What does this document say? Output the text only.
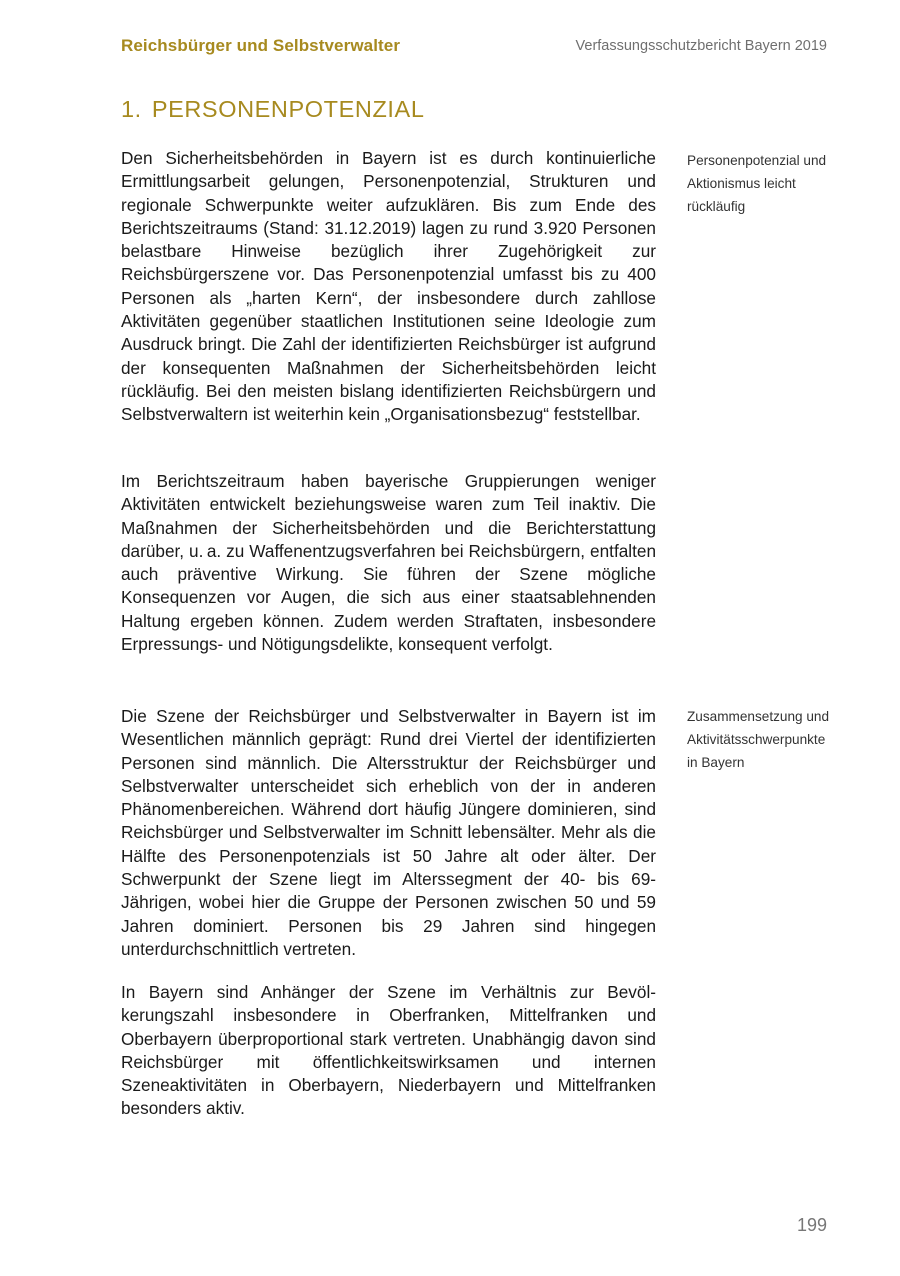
Reichsbürger und Selbstverwalter	Verfassungsschutzbericht Bayern 2019
1. PERSONENPOTENZIAL

Den Sicherheitsbehörden in Bayern ist es durch kontinuierliche Ermittlungsarbeit gelungen, Personenpotenzial, Strukturen und regionale Schwerpunkte weiter aufzuklären. Bis zum Ende des Berichtszeitraums (Stand: 31.12.2019) lagen zu rund 3.920 Personen belastbare Hinweise bezüglich ihrer Zugehörigkeit zur Reichsbürgerszene vor. Das Personenpotenzial umfasst bis zu 400 Personen als „harten Kern“, der insbesondere durch zahllose Aktivitäten gegenüber staatlichen Institutionen seine Ideologie zum Ausdruck bringt. Die Zahl der identifizierten Reichsbürger ist aufgrund der konsequenten Maßnahmen der Sicherheitsbehörden leicht rückläufig. Bei den meisten bislang identifizierten Reichsbürgern und Selbstverwaltern ist weiterhin kein „Organisationsbezug“ feststellbar.

Im Berichtszeitraum haben bayerische Gruppierungen weniger Aktivitäten entwickelt beziehungsweise waren zum Teil inaktiv. Die Maßnahmen der Sicherheitsbehörden und die Berichterstattung darüber, u. a. zu Waffenentzugsverfahren bei Reichsbürgern, entfalten auch präventive Wirkung. Sie führen der Szene mögliche Konsequenzen vor Augen, die sich aus einer staatsablehnenden Haltung ergeben können. Zudem werden Straftaten, insbesondere Erpressungs- und Nötigungsdelikte, konsequent verfolgt.

Die Szene der Reichsbürger und Selbstverwalter in Bayern ist im Wesentlichen männlich geprägt: Rund drei Viertel der identifizierten Personen sind männlich. Die Altersstruktur der Reichsbürger und Selbstverwalter unterscheidet sich erheblich von der in anderen Phänomenbereichen. Während dort häufig Jüngere dominieren, sind Reichsbürger und Selbstverwalter im Schnitt lebensälter. Mehr als die Hälfte des Personenpotenzials ist 50 Jahre alt oder älter. Der Schwerpunkt der Szene liegt im Alterssegment der 40- bis 69-Jährigen, wobei hier die Gruppe der Personen zwischen 50 und 59 Jahren dominiert. Personen bis 29 Jahren sind hingegen unterdurchschnittlich vertreten.

In Bayern sind Anhänger der Szene im Verhältnis zur Bevölkerungszahl insbesondere in Oberfranken, Mittelfranken und Oberbayern überproportional stark vertreten. Unabhängig davon sind Reichsbürger mit öffentlichkeitswirksamen und internen Szeneaktivitäten in Oberbayern, Niederbayern und Mittelfranken besonders aktiv.

Personenpotenzial und Aktionismus leicht rückläufig

Zusammensetzung und Aktivitätsschwerpunkte in Bayern

199
